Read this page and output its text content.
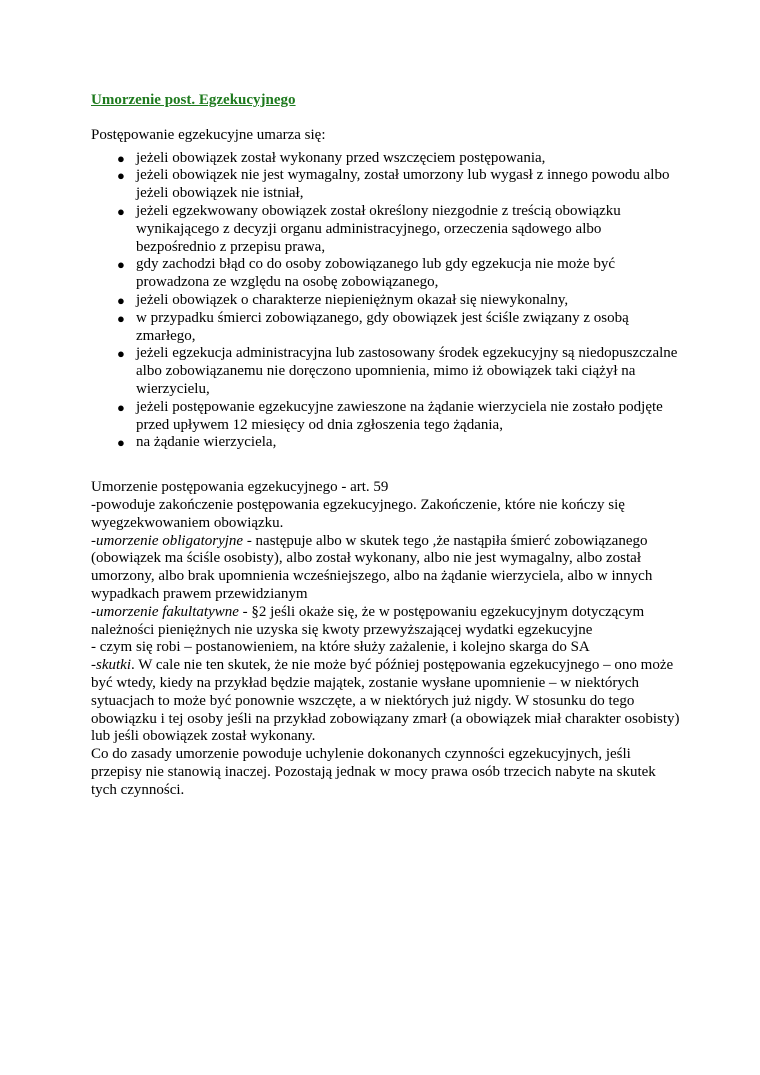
Umorzenie post. Egzekucyjnego
Postępowanie egzekucyjne umarza się:
● jeżeli obowiązek został wykonany przed wszczęciem postępowania,
● jeżeli obowiązek nie jest wymagalny, został umorzony lub wygasł z innego powodu albo jeżeli obowiązek nie istniał,
● jeżeli egzekwowany obowiązek został określony niezgodnie z treścią obowiązku wynikającego z decyzji organu administracyjnego, orzeczenia sądowego albo bezpośrednio z przepisu prawa,
● gdy zachodzi błąd co do osoby zobowiązanego lub gdy egzekucja nie może być prowadzona ze względu na osobę zobowiązanego,
● jeżeli obowiązek o charakterze niepieniężnym okazał się niewykonalny,
● w przypadku śmierci zobowiązanego, gdy obowiązek jest ściśle związany z osobą zmarłego,
● jeżeli egzekucja administracyjna lub zastosowany środek egzekucyjny są niedopuszczalne albo zobowiązanemu nie doręczono upomnienia, mimo iż obowiązek taki ciążył na wierzycielu,
● jeżeli postępowanie egzekucyjne zawieszone na żądanie wierzyciela nie zostało podjęte przed upływem 12 miesięcy od dnia zgłoszenia tego żądania,
● na żądanie wierzyciela,

Umorzenie postępowania egzekucyjnego - art. 59

-powoduje zakończenie postępowania egzekucyjnego. Zakończenie, które nie kończy się wyegzekwowaniem obowiązku.

-umorzenie obligatoryjne - następuje albo w skutek tego ,że nastąpiła śmierć zobowiązanego (obowiązek ma ściśle osobisty), albo został wykonany, albo nie jest wymagalny, albo został umorzony, albo brak upomnienia wcześniejszego, albo na żądanie wierzyciela, albo w innych wypadkach prawem przewidzianym

-umorzenie fakultatywne - §2 jeśli okaże się, że w postępowaniu egzekucyjnym dotyczącym należności pieniężnych nie uzyska się kwoty przewyższającej wydatki egzekucyjne

- czym się robi – postanowieniem, na które służy zażalenie, i kolejno skarga do SA

-skutki. W cale nie ten skutek, że nie może być później postępowania egzekucyjnego – ono może być wtedy, kiedy na przykład będzie majątek, zostanie wysłane upomnienie – w niektórych sytuacjach to może być ponownie wszczęte, a w niektórych już nigdy. W stosunku do tego obowiązku i tej osoby jeśli na przykład zobowiązany zmarł (a obowiązek miał charakter osobisty) lub jeśli obowiązek został wykonany.

Co do zasady umorzenie powoduje uchylenie dokonanych czynności egzekucyjnych, jeśli przepisy nie stanowią inaczej. Pozostają jednak w mocy prawa osób trzecich nabyte na skutek tych czynności.
